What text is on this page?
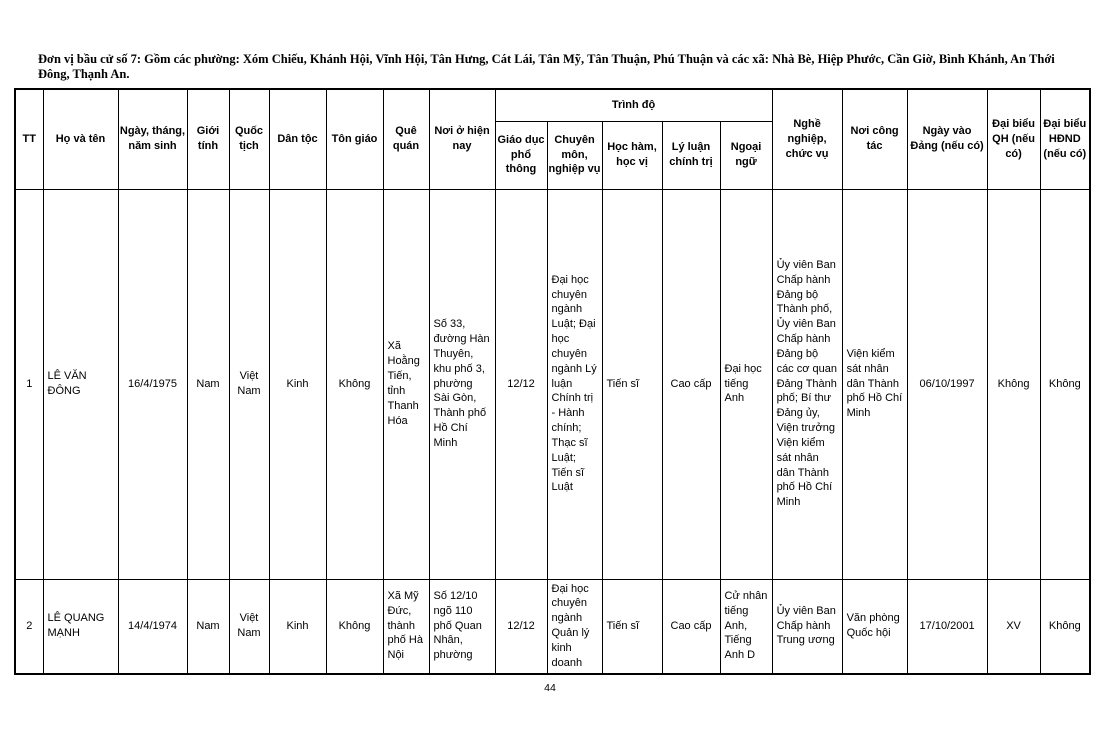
Đơn vị bầu cử số 7: Gồm các phường: Xóm Chiếu, Khánh Hội, Vĩnh Hội, Tân Hưng, Cát Lái, Tân Mỹ, Tân Thuận, Phú Thuận và các xã: Nhà Bè, Hiệp Phước, Cần Giờ, Bình Khánh, An Thới Đông, Thạnh An.
TT	Họ và tên	Ngày, tháng, năm sinh	Giới tính	Quốc tịch	Dân tộc	Tôn giáo	Quê quán	Nơi ở hiện nay	Trình độ					Nghề nghiệp, chức vụ	Nơi công tác	Ngày vào Đảng (nếu có)	Đại biểu QH (nếu có)	Đại biểu HĐND (nếu có)
									Giáo dục phổ thông	Chuyên môn, nghiệp vụ	Học hàm, học vị	Lý luận chính trị	Ngoại ngữ					
1	LÊ VĂN ĐÔNG	16/4/1975	Nam	Việt Nam	Kinh	Không	Xã Hoằng Tiến, tỉnh Thanh Hóa	Số 33, đường Hàn Thuyên, khu phố 3, phường Sài Gòn, Thành phố Hồ Chí Minh	12/12	Đại học chuyên ngành Luật; Đại học chuyên ngành Lý luận Chính trị - Hành chính; Thạc sĩ Luật; Tiến sĩ Luật	Tiến sĩ	Cao cấp	Đại học tiếng Anh	Ủy viên Ban Chấp hành Đảng bộ Thành phố, Ủy viên Ban Chấp hành Đảng bộ các cơ quan Đảng Thành phố; Bí thư Đảng ủy, Viện trưởng Viện kiểm sát nhân dân Thành phố Hồ Chí Minh	Viện kiểm sát nhân dân Thành phố Hồ Chí Minh	06/10/1997	Không	Không
2	LÊ QUANG MẠNH	14/4/1974	Nam	Việt Nam	Kinh	Không	Xã Mỹ Đức, thành phố Hà Nội	Số 12/10 ngõ 110 phố Quan Nhân, phường	12/12	Đại học chuyên ngành Quản lý kinh doanh	Tiến sĩ	Cao cấp	Cử nhân tiếng Anh, Tiếng Anh D	Ủy viên Ban Chấp hành Trung ương	Văn phòng Quốc hội	17/10/2001	XV	Không
44
